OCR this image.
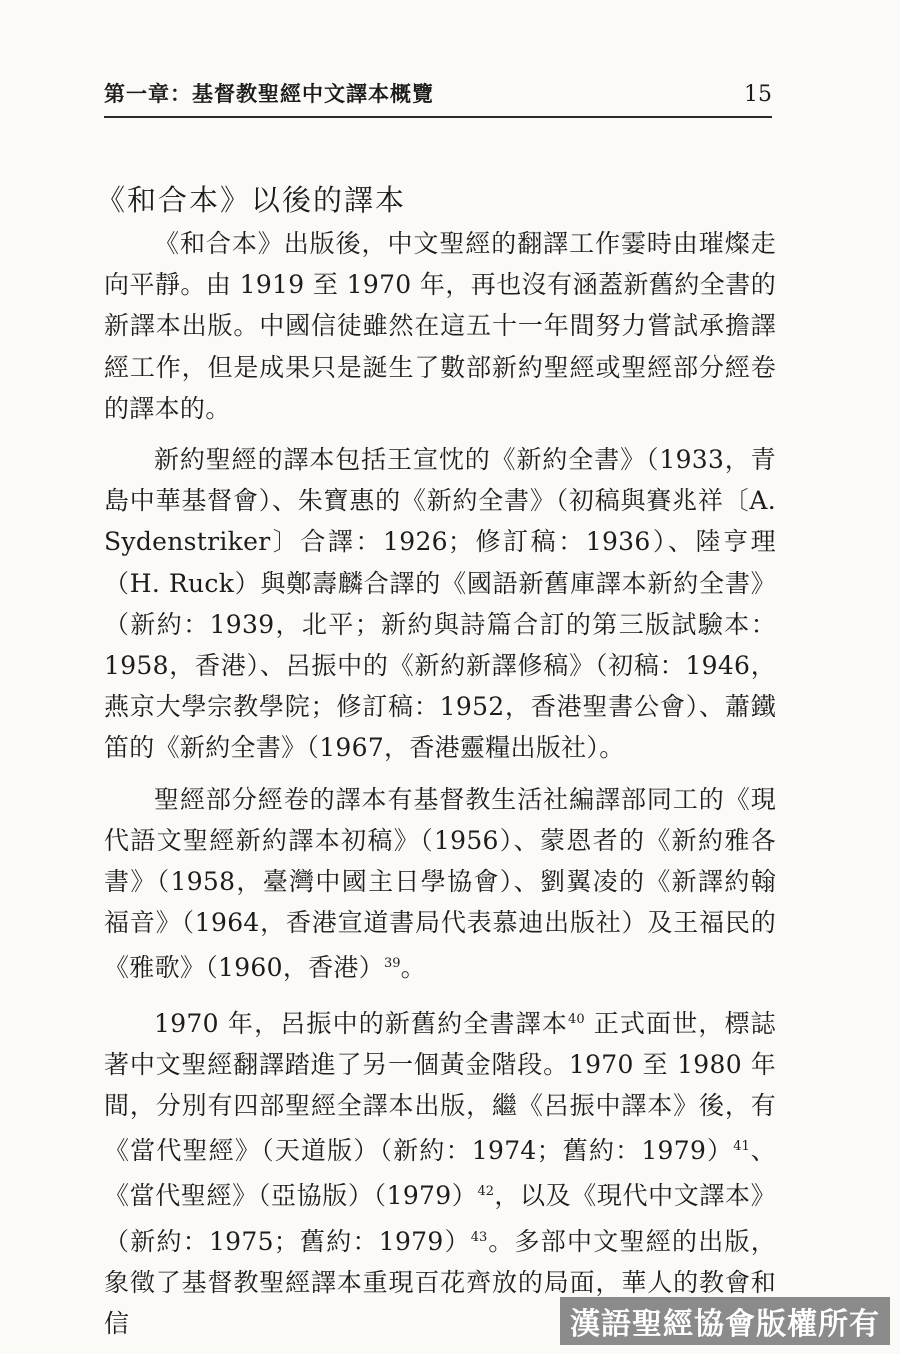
第一章：基督教聖經中文譯本概覽	15
《和合本》以後的譯本

《和合本》出版後，中文聖經的翻譯工作霎時由璀燦走向平靜。由 1919 至 1970 年，再也沒有涵蓋新舊約全書的新譯本出版。中國信徒雖然在這五十一年間努力嘗試承擔譯經工作，但是成果只是誕生了數部新約聖經或聖經部分經卷的譯本的。

新約聖經的譯本包括王宣忱的《新約全書》（1933，青島中華基督會）、朱寶惠的《新約全書》（初稿與賽兆祥〔A. Sydenstriker〕合譯：1926；修訂稿：1936）、陸亨理（H. Ruck）與鄭壽麟合譯的《國語新舊庫譯本新約全書》（新約：1939，北平；新約與詩篇合訂的第三版試驗本：1958，香港）、呂振中的《新約新譯修稿》（初稿：1946，燕京大學宗教學院；修訂稿：1952，香港聖書公會）、蕭鐵笛的《新約全書》（1967，香港靈糧出版社）。

聖經部分經卷的譯本有基督教生活社編譯部同工的《現代語文聖經新約譯本初稿》（1956）、蒙恩者的《新約雅各書》（1958，臺灣中國主日學協會）、劉翼凌的《新譯約翰福音》（1964，香港宣道書局代表慕迪出版社）及王福民的《雅歌》（1960，香港）$^{39}$。

1970 年，呂振中的新舊約全書譯本$^{40}$ 正式面世，標誌著中文聖經翻譯踏進了另一個黃金階段。1970 至 1980 年間，分別有四部聖經全譯本出版，繼《呂振中譯本》後，有《當代聖經》（天道版）（新約：1974；舊約：1979）$^{41}$、《當代聖經》（亞協版）（1979）$^{42}$，以及《現代中文譯本》（新約：1975；舊約：1979）$^{43}$。多部中文聖經的出版，象徵了基督教聖經譯本重現百花齊放的局面，華人的教會和信	漢語聖經協會版權所有
